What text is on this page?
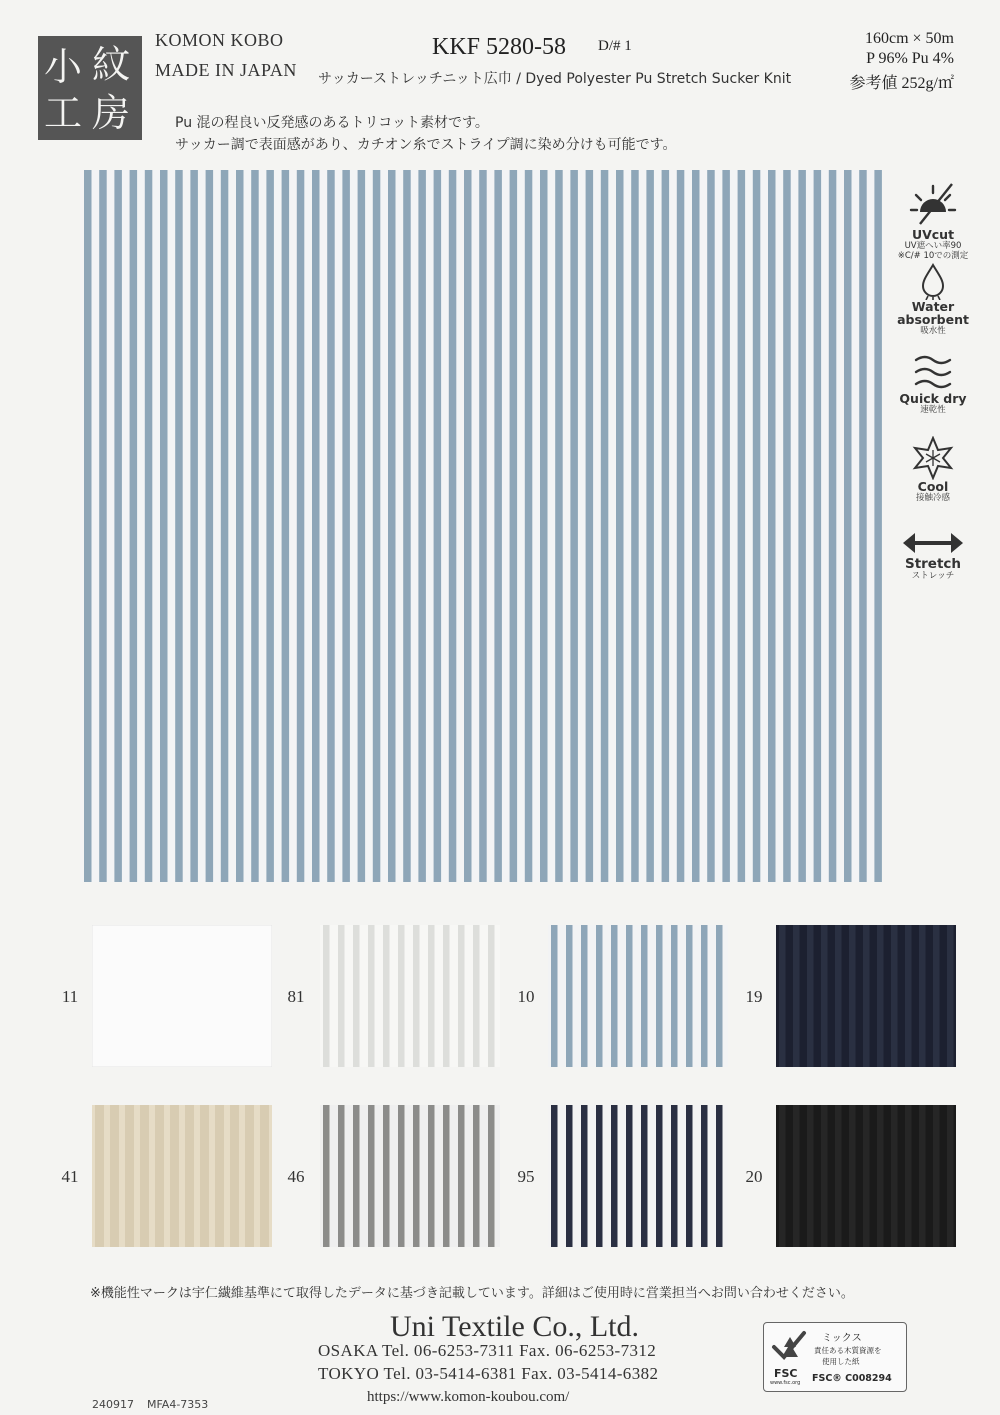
小 紋
工 房
KOMON KOBO
MADE IN JAPAN
KKF 5280-58 D/# 1
サッカーストレッチニット広巾 / Dyed Polyester Pu Stretch Sucker Knit
160cm × 50m
P 96% Pu 4%
参考値 252g/㎡
Pu 混の程良い反発感のあるトリコット素材です。
サッカー調で表面感があり、カチオン糸でストライプ調に染め分けも可能です。
UVcut
UV遮へい率90
※C/# 10での測定
Water
absorbent
吸水性
Quick dry
速乾性
Cool
接触冷感
Stretch
ストレッチ
11	81	10	19
41	46	95	20
※機能性マークは宇仁繊維基準にて取得したデータに基づき記載しています。詳細はご使用時に営業担当へお問い合わせください。
Uni Textile Co., Ltd.
OSAKA Tel. 06-6253-7311 Fax. 06-6253-7312
TOKYO Tel. 03-5414-6381 Fax. 03-5414-6382
https://www.komon-koubou.com/
240917 MFA4-7353
FSC
www.fsc.org
ミックス
責任ある木質資源を
使用した紙
FSC® C008294
